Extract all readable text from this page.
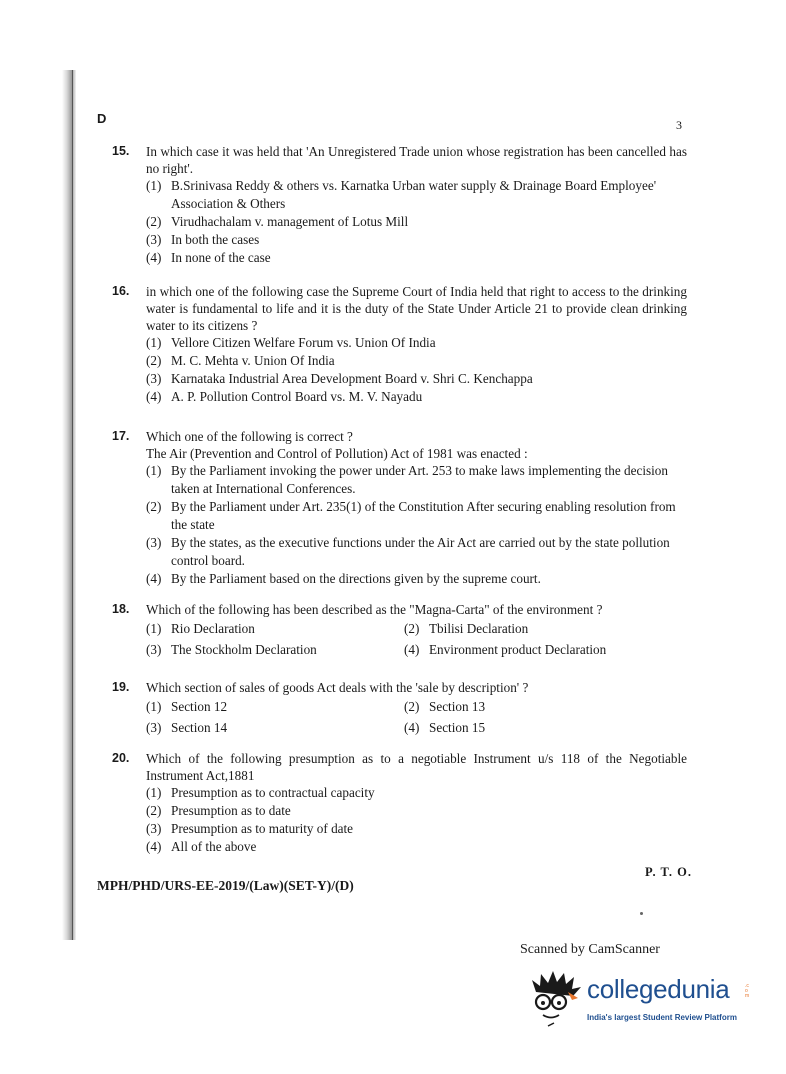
D	3
15.	In which case it was held that 'An Unregistered Trade union whose registration has been cancelled has no right'.
(1) B.Srinivasa Reddy & others vs. Karnatka Urban water supply & Drainage Board Employee' Association & Others
(2) Virudhachalam v. management of Lotus Mill
(3) In both the cases
(4) In none of the case
16.	in which one of the following case the Supreme Court of India held that right to access to the drinking water is fundamental to life and it is the duty of the State Under Article 21 to provide clean drinking water to its citizens ?
(1) Vellore Citizen Welfare Forum vs. Union Of India
(2) M. C. Mehta v. Union Of India
(3) Karnataka Industrial Area Development Board v. Shri C. Kenchappa
(4) A. P. Pollution Control Board vs. M. V. Nayadu
17.	Which one of the following is correct ?
The Air (Prevention and Control of Pollution) Act of 1981 was enacted :
(1) By the Parliament invoking the power under Art. 253 to make laws implementing the decision taken at International Conferences.
(2) By the Parliament under Art. 235(1) of the Constitution After securing enabling resolution from the state
(3) By the states, as the executive functions under the Air Act are carried out by the state pollution control board.
(4) By the Parliament based on the directions given by the supreme court.
18.	Which of the following has been described as the "Magna-Carta" of the environment ?
(1) Rio Declaration	(2) Tbilisi Declaration
(3) The Stockholm Declaration	(4) Environment product Declaration
19.	Which section of sales of goods Act deals with the 'sale by description' ?
(1) Section 12	(2) Section 13
(3) Section 14	(4) Section 15
20.	Which of the following presumption as to a negotiable Instrument u/s 118 of the Negotiable Instrument Act,1881
(1) Presumption as to contractual capacity
(2) Presumption as to date
(3) Presumption as to maturity of date
(4) All of the above
P. T. O.
MPH/PHD/URS-EE-2019/(Law)(SET-Y)/(D)
Scanned by CamScanner
collegedunia	.com
India's largest Student Review Platform
